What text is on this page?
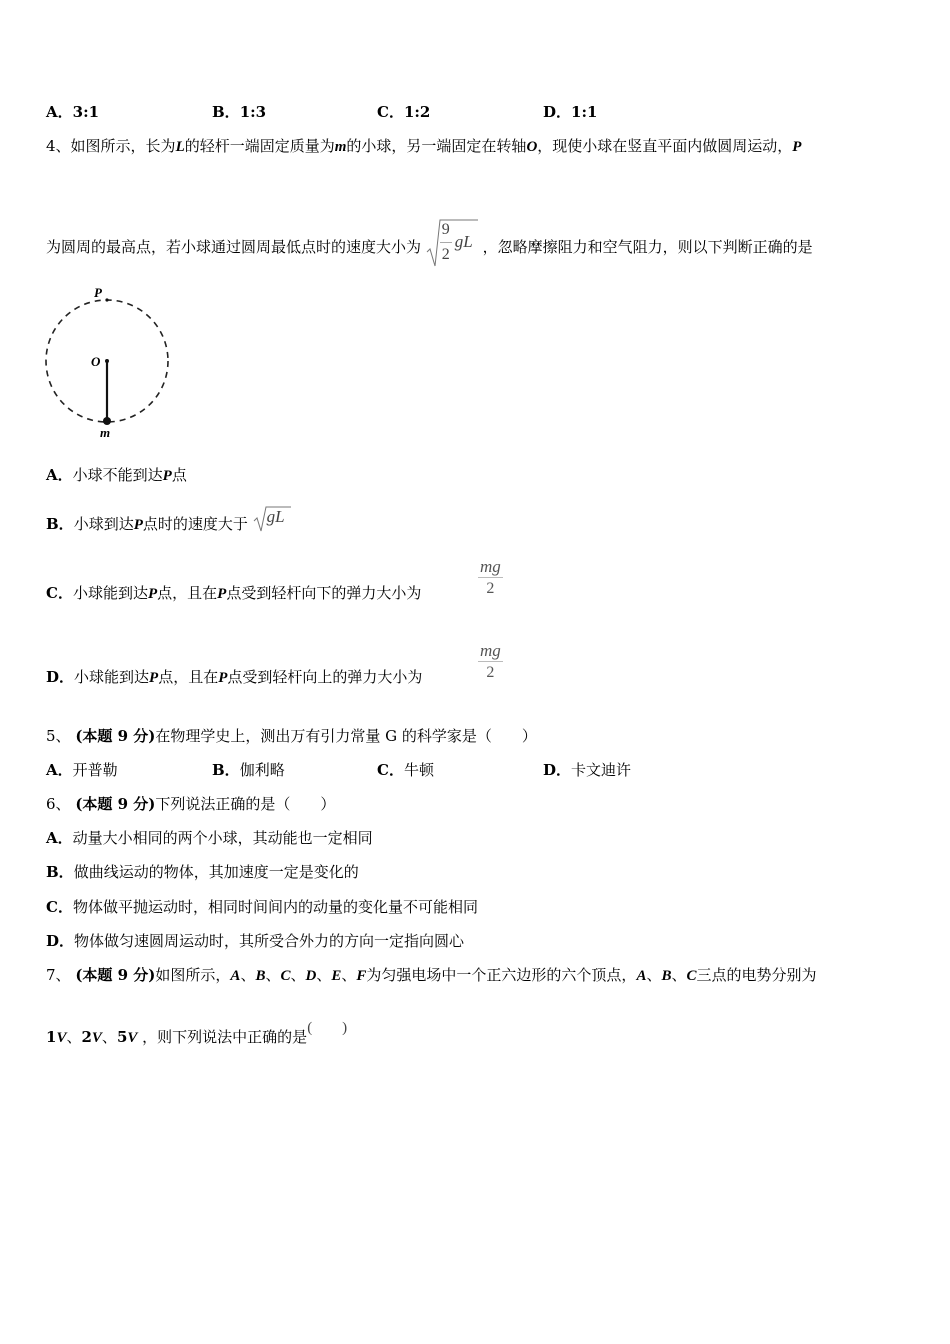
A．3:1	B．1:3	C．1:2	D．1:1
4、如图所示，长为L的轻杆一端固定质量为m的小球，另一端固定在转轴O，现使小球在竖直平面内做圆周运动，P
为圆周的最高点，若小球通过圆周最低点时的速度大小为
9
2
gL ，忽略摩擦阻力和空气阻力，则以下判断正确的是
P
O
m
A．小球不能到达P点
B．小球到达P点时的速度大于 gL
C．小球能到达P点，且在P点受到轻杆向下的弹力大小为	$\frac{mg}{2}$
D．小球能到达P点，且在P点受到轻杆向上的弹力大小为	$\frac{mg}{2}$
5、 (本题 9 分)在物理学史上，测出万有引力常量 G 的科学家是（　　）
A．开普勒	B．伽利略	C．牛顿	D．卡文迪许
6、 (本题 9 分)下列说法正确的是（　　）
A．动量大小相同的两个小球，其动能也一定相同
B．做曲线运动的物体，其加速度一定是变化的
C．物体做平抛运动时，相同时间间内的动量的变化量不可能相同
D．物体做匀速圆周运动时，其所受合外力的方向一定指向圆心
7、 (本题 9 分)如图所示，A、B、C、D、E、F为匀强电场中一个正六边形的六个顶点，A、B、C三点的电势分别为
1V、2V、5V ，则下列说法中正确的是(　　)
